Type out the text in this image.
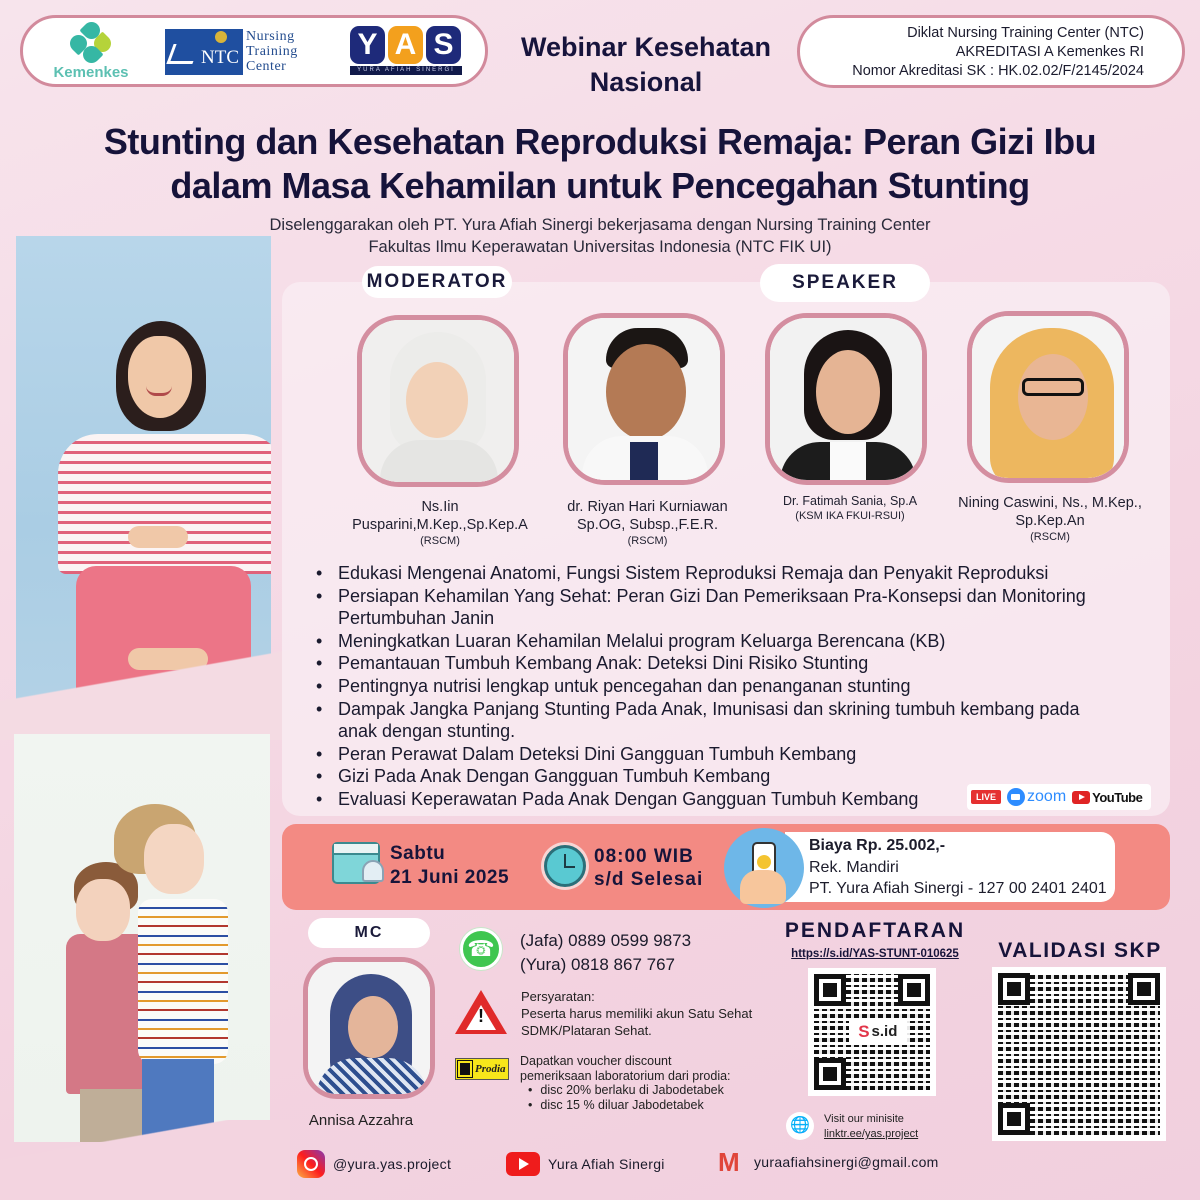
Kemenkes
NTC
Nursing
Training
Center
Y A S
YURA AFIAH SINERGI
Webinar Kesehatan Nasional
Diklat Nursing Training Center (NTC)
AKREDITASI A Kemenkes RI
Nomor Akreditasi SK : HK.02.02/F/2145/2024
Stunting dan Kesehatan Reproduksi Remaja: Peran Gizi Ibu
dalam Masa Kehamilan untuk Pencegahan Stunting
Diselenggarakan oleh PT. Yura Afiah Sinergi bekerjasama dengan Nursing Training Center
Fakultas Ilmu Keperawatan Universitas Indonesia (NTC FIK UI)
MODERATOR	SPEAKER
Ns.Iin
Pusparini,M.Kep.,Sp.Kep.A
(RSCM)
dr. Riyan Hari Kurniawan
Sp.OG, Subsp.,F.E.R.
(RSCM)
Dr. Fatimah Sania, Sp.A
(KSM IKA FKUI-RSUI)
Nining Caswini, Ns., M.Kep.,
Sp.Kep.An
(RSCM)
• Edukasi Mengenai Anatomi, Fungsi Sistem Reproduksi Remaja dan Penyakit Reproduksi
• Persiapan Kehamilan Yang Sehat: Peran Gizi Dan Pemeriksaan Pra-Konsepsi dan Monitoring Pertumbuhan Janin
• Meningkatkan Luaran Kehamilan Melalui program Keluarga Berencana (KB)
• Pemantauan Tumbuh Kembang Anak: Deteksi Dini Risiko Stunting
• Pentingnya nutrisi lengkap untuk pencegahan dan penanganan stunting
• Dampak Jangka Panjang Stunting Pada Anak, Imunisasi dan skrining tumbuh kembang pada anak dengan stunting.
• Peran Perawat Dalam Deteksi Dini Gangguan Tumbuh Kembang
• Gizi Pada Anak Dengan Gangguan Tumbuh Kembang
• Evaluasi Keperawatan Pada Anak Dengan Gangguan Tumbuh Kembang	LIVE	zoom YouTube
Sabtu
21 Juni 2025
08:00 WIB
s/d Selesai
Biaya Rp. 25.002,-
Rek. Mandiri
PT. Yura Afiah Sinergi - 127 00 2401 2401
MC
Annisa Azzahra
☎
(Jafa) 0889 0599 9873
(Yura) 0818 867 767
!
Persyaratan:
Peserta harus memiliki akun Satu Sehat
SDMK/Plataran Sehat.
Prodia
Dapatkan voucher discount
pemeriksaan laboratorium dari prodia:
• disc 20% berlaku di Jabodetabek
• disc 15 % diluar Jabodetabek
PENDAFTARAN
https://s.id/YAS-STUNT-010625
S s.id
VALIDASI SKP
🌐
Visit our minisite
linktr.ee/yas.project
@yura.yas.project	Yura Afiah Sinergi M	yuraafiahsinergi@gmail.com
